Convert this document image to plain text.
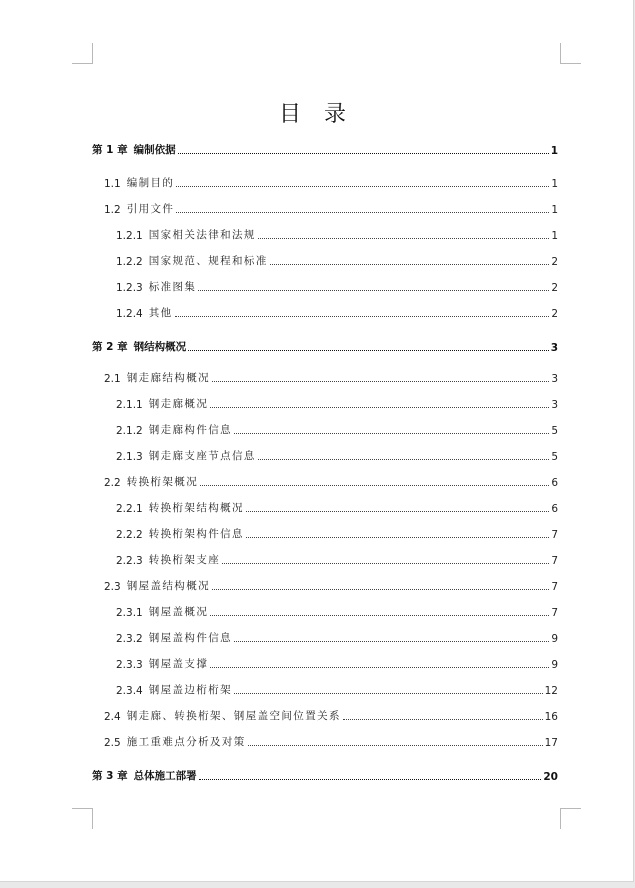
目 录
第 1 章 编制依据	1
1.1 编制目的	1
1.2 引用文件	1
1.2.1 国家相关法律和法规	1
1.2.2 国家规范、规程和标准	2
1.2.3 标准图集	2
1.2.4 其他	2
第 2 章 钢结构概况	3
2.1 钢走廊结构概况	3
2.1.1 钢走廊概况	3
2.1.2 钢走廊构件信息	5
2.1.3 钢走廊支座节点信息	5
2.2 转换桁架概况	6
2.2.1 转换桁架结构概况	6
2.2.2 转换桁架构件信息	7
2.2.3 转换桁架支座	7
2.3 钢屋盖结构概况	7
2.3.1 钢屋盖概况	7
2.3.2 钢屋盖构件信息	9
2.3.3 钢屋盖支撑	9
2.3.4 钢屋盖边桁桁架	12
2.4 钢走廊、转换桁架、钢屋盖空间位置关系	16
2.5 施工重难点分析及对策	17
第 3 章 总体施工部署	20
